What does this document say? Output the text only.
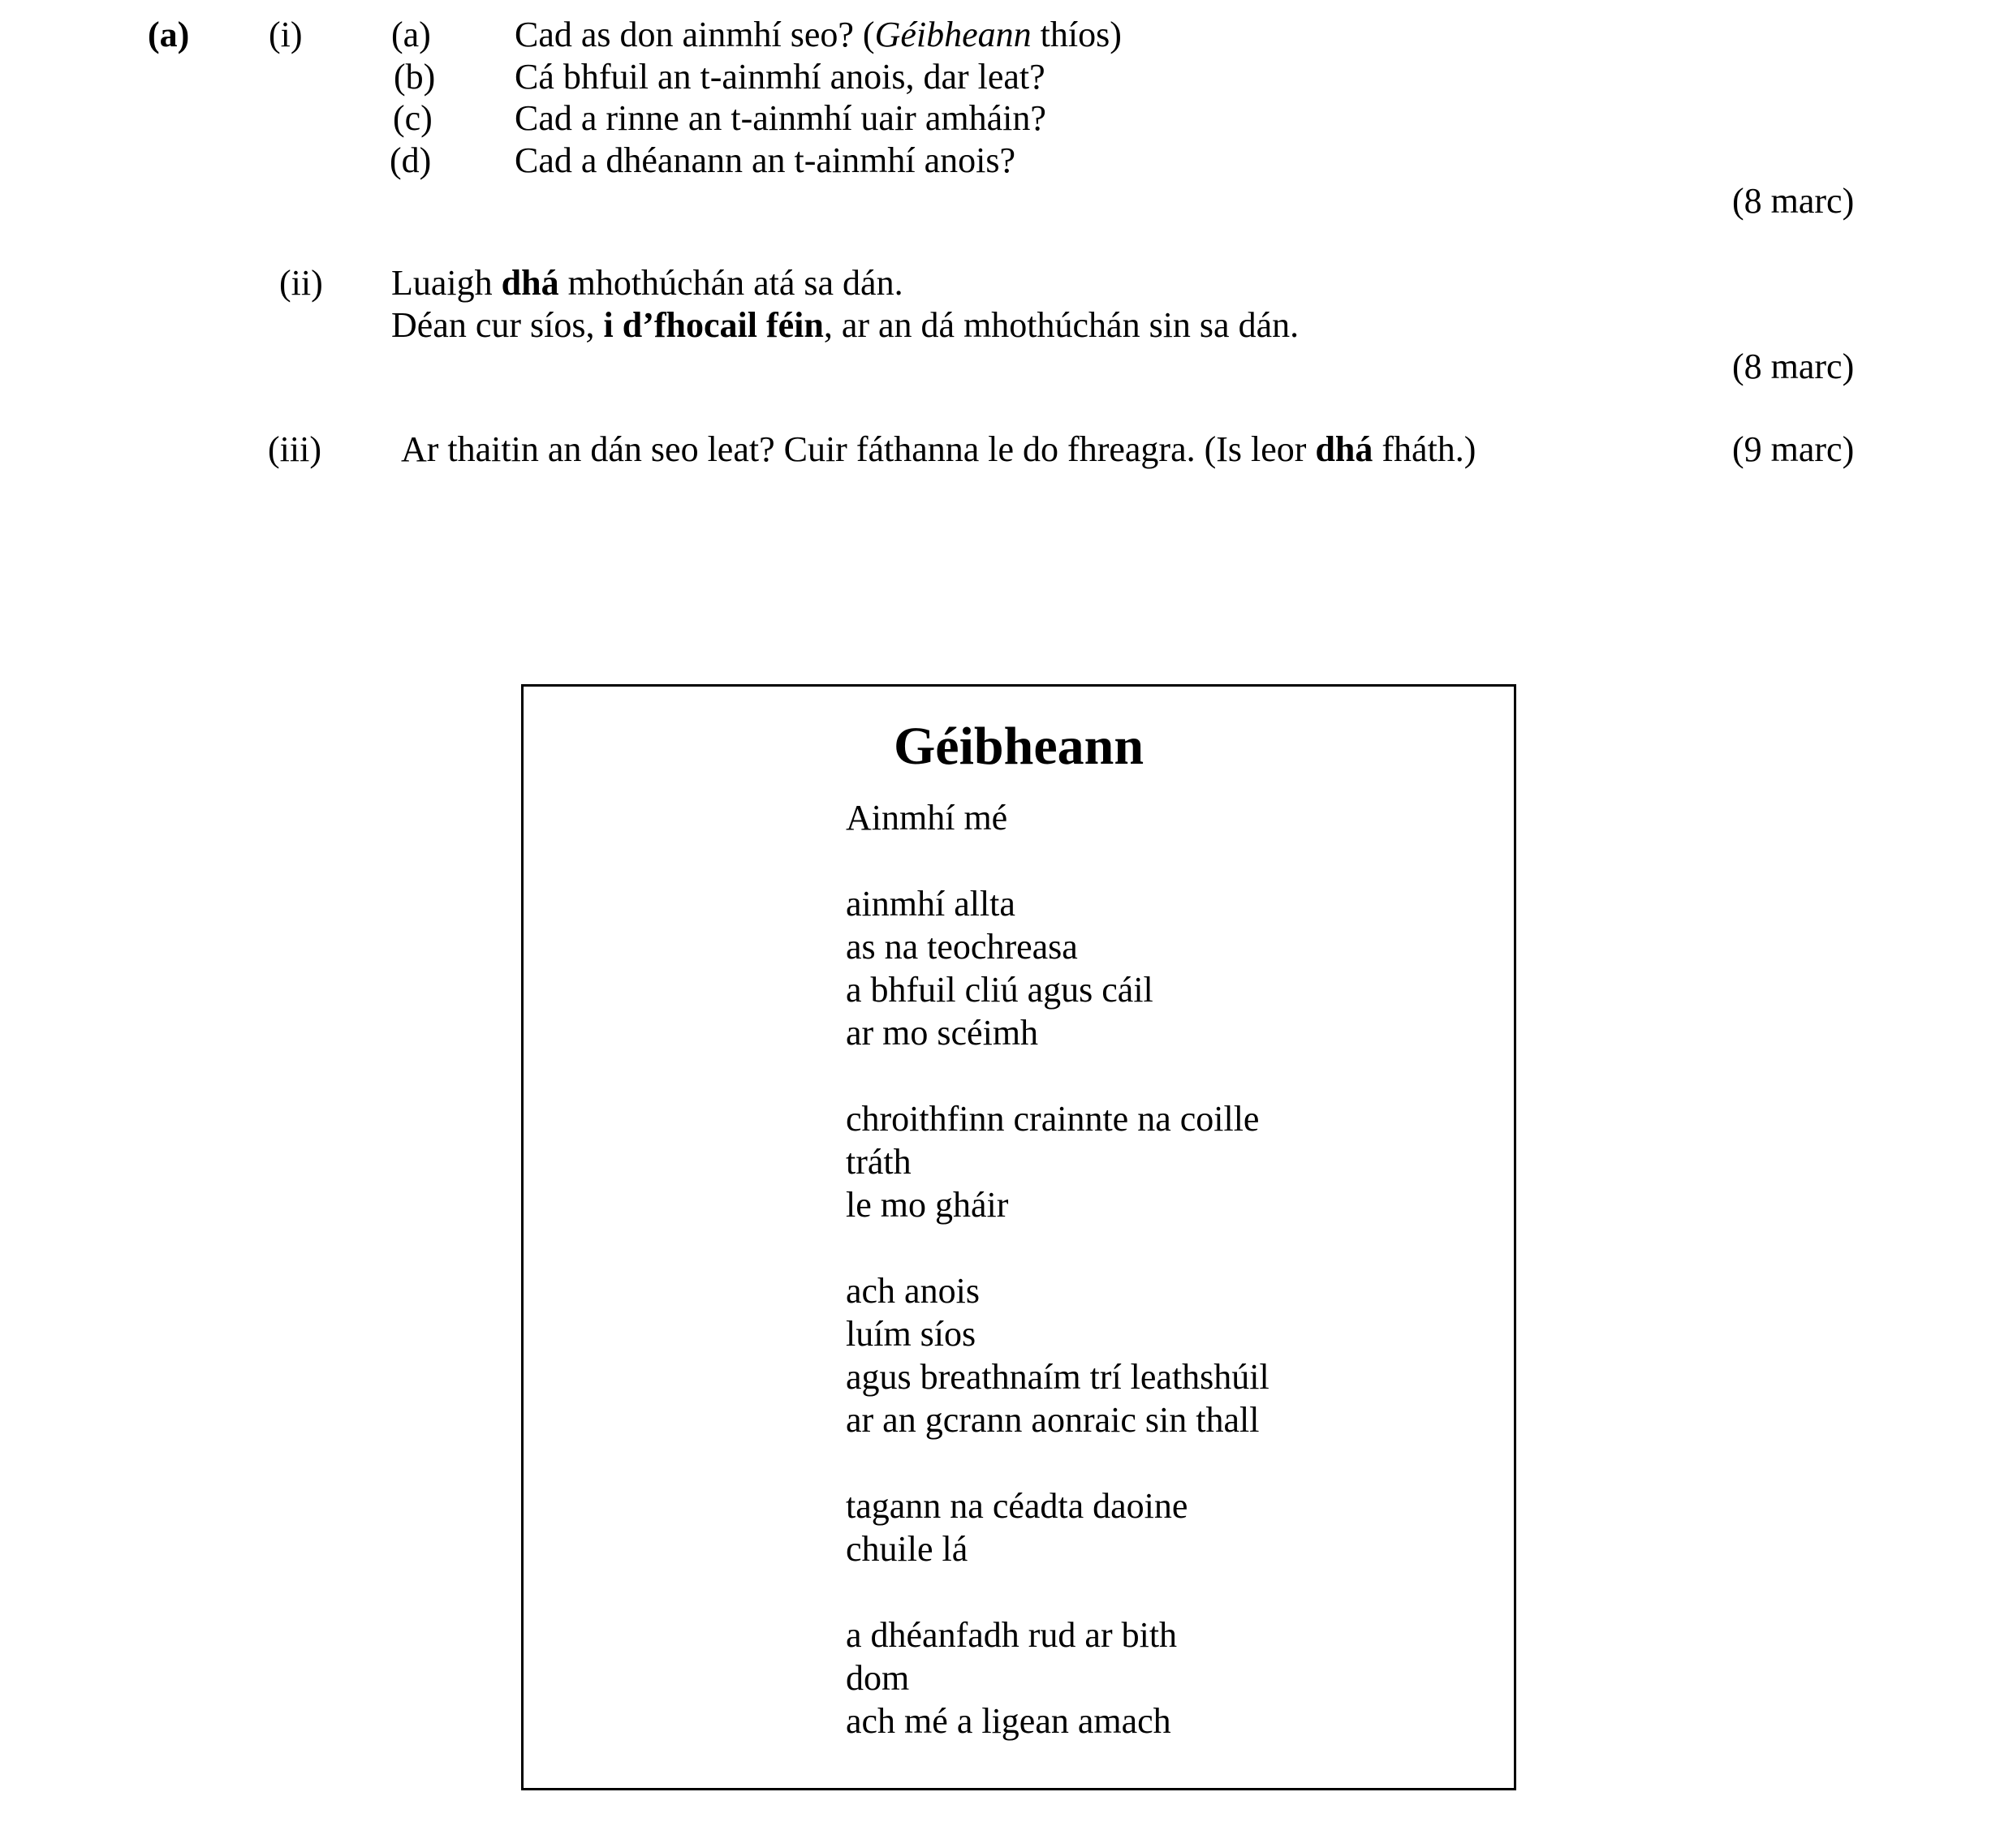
(a) (i) (a) Cad as don ainmhí seo? (Géibheann thíos)
(b) Cá bhfuil an t-ainmhí anois, dar leat?
(c) Cad a rinne an t-ainmhí uair amháin?
(d) Cad a dhéanann an t-ainmhí anois?
(8 marc)
(ii) Luaigh dhá mhothúchán atá sa dán.
Déan cur síos, i d’fhocail féin, ar an dá mhothúchán sin sa dán.
(8 marc)
(iii) Ar thaitin an dán seo leat? Cuir fáthanna le do fhreagra. (Is leor dhá fháth.)	(9 marc)
Géibheann
Ainmhí mé
ainmhí allta
as na teochreasa
a bhfuil cliú agus cáil
ar mo scéimh
chroithfinn crainnte na coille
tráth
le mo gháir
ach anois
luím síos
agus breathnaím trí leathshúil
ar an gcrann aonraic sin thall
tagann na céadta daoine
chuile lá
a dhéanfadh rud ar bith
dom
ach mé a ligean amach
